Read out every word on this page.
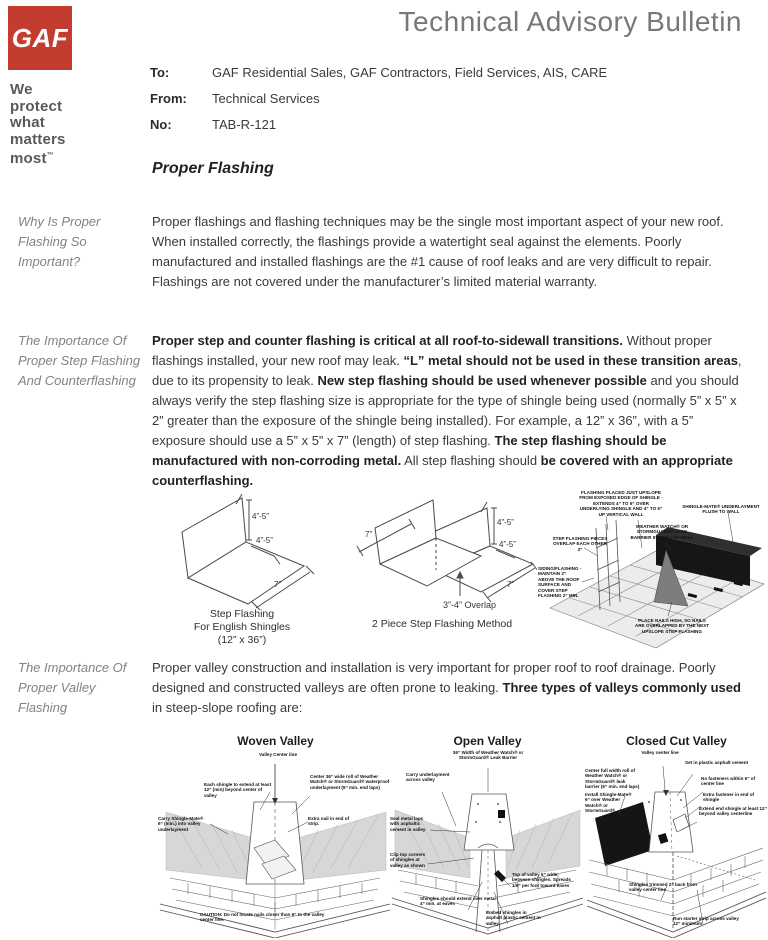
GAF
We
protect
what
matters
most™
Technical Advisory Bulletin
To:	GAF Residential Sales, GAF Contractors, Field Services, AIS, CARE
From:	Technical Services
No:	TAB-R-121
Proper Flashing
Why Is Proper Flashing So Important?
Proper flashings and flashing techniques may be the single most important aspect of your new roof. When installed correctly, the flashings provide a watertight seal against the elements. Poorly manufactured and installed flashings are the #1 cause of roof leaks and are very difficult to repair. Flashings are not covered under the manufacturer’s limited material warranty.
The Importance Of Proper Step Flashing And Counterflashing
Proper step and counter flashing is critical at all roof-to-sidewall transitions. Without proper flashings installed, your new roof may leak. “L” metal should not be used in these transition areas, due to its propensity to leak. New step flashing should be used whenever possible and you should always verify the step flashing size is appropriate for the type of shingle being used (normally 5” x 5” x 2” greater than the exposure of the shingle being installed). For example, a 12” x 36”, with a 5” exposure should use a 5” x 5” x 7” (length) of step flashing. The step flashing should be manufactured with non-corroding metal. All step flashing should be covered with an appropriate counterflashing.
4”-5”
4”-5”
7”
Step Flashing
For English Shingles
(12” x 36”)
7”
4”-5”
4”-5”
7”
3”-4” Overlap
2 Piece Step Flashing Method
FLASHING PLACED JUST UPSLOPE FROM EXPOSED EDGE OF SHINGLE - EXTENDS 4” TO 5” OVER UNDERLYING SHINGLE AND 4” TO 5” UP VERTICAL WALL
SHINGLE-MATE® UNDERLAYMENT FLUSH TO WALL
WEATHER WATCH® OR STORMGUARD® LEAK BARRIER 5” (MIN.) UP WALL
STEP FLASHING PIECES OVERLAP EACH OTHER 2”
SIDING/FLASHING - MAINTAIN 2” ABOVE THE ROOF SURFACE AND COVER STEP FLASHING 2” MIN.
PLACE NAILS HIGH, SO NAILS ARE OVERLAPPED BY THE NEXT UPSLOPE STEP FLASHING
The Importance Of Proper Valley Flashing
Proper valley construction and installation is very important for proper roof to roof drainage. Poorly designed and constructed valleys are often prone to leaking. Three types of valleys commonly used in steep-slope roofing are:
Woven Valley
Valley Center line
Each shingle to extend at least 12” (min) beyond center of valley
Center 36” wide roll of Weather Watch® or StormGuard® waterproof underlayment (9” min. end laps)
Extra nail in end of strip.
Carry Shingle-Mate® 6” (min.) into valley underlayment
CAUTION: Do not locate nails closer than 6” to the valley center line.
Open Valley
36” Width of Weather Watch® or StormGuard® Leak Barrier
Carry underlayment across valley
Seal metal laps with asphaltic cement in valley
Clip top corners of shingles at valley as shown
Shingles should extend over metal 4” min. at eaves
Top of valley 6” wide between shingles. Spreads 1/8” per foot toward eaves
Embed shingles in asphalt plastic cement in valley
Closed Cut Valley
Valley center line
Set in plastic asphalt cement
Center full width roll of Weather Watch® or StormGuard® leak barrier (6” min. end laps)
Install Shingle-Mate® 6” over Weather Watch® or StormGuard®
No fasteners within 6” of center line
Extra fastener in end of shingle
Extend end shingle at least 12” beyond valley centerline
Shingles trimmed 2” back from valley center line
Run starter strip across valley 12” minimum
